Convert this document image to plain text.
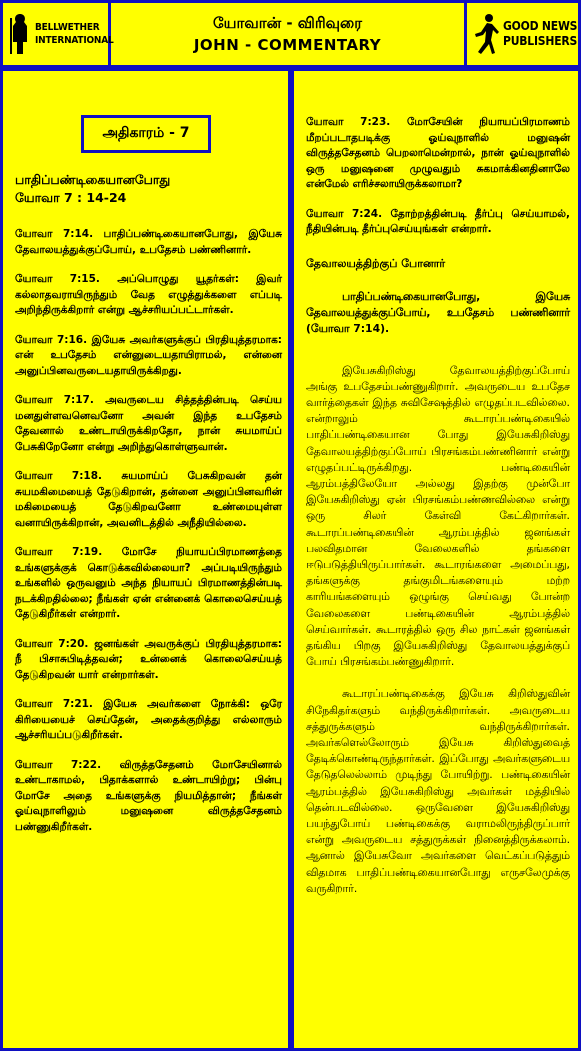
BELLWETHER
INTERNATIONAL
யோவான் - விரிவுரை
JOHN - COMMENTARY
GOOD NEWS
PUBLISHERS
அதிகாரம் - 7
பாதிப்பண்டிகையானபோது
யோவா 7 : 14-24
யோவா 7:14. பாதிப்பண்டிகையானபோது, இயேசு தேவாலயத்துக்குப்போய், உபதேசம் பண்ணினார்.
யோவா 7:15. அப்பொழுது யூதர்கள்: இவர் கல்லாதவராயிருந்தும் வேத எழுத்துக்களை எப்படி அறிந்திருக்கிறார் என்று ஆச்சரியப்பட்டார்கள்.
யோவா 7:16. இயேசு அவர்களுக்குப் பிரதியுத்தரமாக: என் உபதேசம் என்னுடையதாயிராமல், என்னை அனுப்பினவருடையதாயிருக்கிறது.
யோவா 7:17. அவருடைய சித்தத்தின்படி செய்ய மனதுள்ளவனெவனோ அவன் இந்த உபதேசம் தேவனால் உண்டாயிருக்கிறதோ, நான் சுயமாய்ப் பேசுகிறேனோ என்று அறிந்துகொள்ளுவான்.
யோவா 7:18. சுயமாய்ப் பேசுகிறவன் தன் சுயமகிமையைத் தேடுகிறான், தன்னை அனுப்பினவரின் மகிமையைத் தேடுகிறவனோ உண்மையுள்ள வனாயிருக்கிறான், அவனிடத்தில் அநீதியில்லை.
யோவா 7:19. மோசே நியாயப்பிரமாணத்தை உங்களுக்குக் கொடுக்கவில்லையா? அப்படியிருந்தும் உங்களில் ஒருவனும் அந்த நியாயப் பிரமாணத்தின்படி நடக்கிறதில்லை; நீங்கள் ஏன் என்னைக் கொலைசெய்யத் தேடுகிறீர்கள் என்றார்.
யோவா 7:20. ஜனங்கள் அவருக்குப் பிரதியுத்தரமாக: நீ பிசாசுபிடித்தவன்; உன்னைக் கொலைசெய்யத் தேடுகிறவன் யார் என்றார்கள்.
யோவா 7:21. இயேசு அவர்களை நோக்கி: ஒரே கிரியையைச் செய்தேன், அதைக்குறித்து எல்லாரும் ஆச்சரியப்படுகிறீர்கள்.
யோவா 7:22. விருத்தசேதனம் மோசேயினால் உண்டாகாமல், பிதாக்களால் உண்டாயிற்று; பின்பு மோசே அதை உங்களுக்கு நியமித்தான்; நீங்கள் ஓய்வுநாளிலும் மனுஷனை விருத்தசேதனம் பண்ணுகிறீர்கள்.
யோவா 7:23. மோசேயின் நியாயப்பிரமாணம் மீறப்படாதபடிக்கு ஓய்வுநாளில் மனுஷன் விருத்தசேதனம் பெறலாமென்றால், நான் ஓய்வுநாளில் ஒரு மனுஷனை முழுவதும் சுகமாக்கினதினாலே என்மேல் எரிச்சலாயிருக்கலாமா?
யோவா 7:24. தோற்றத்தின்படி தீர்ப்பு செய்யாமல், நீதியின்படி தீர்ப்புசெய்யுங்கள் என்றார்.
தேவாலயத்திற்குப் போனார்
பாதிப்பண்டிகையானபோது, இயேசு தேவாலயத்துக்குப்போய், உபதேசம் பண்ணினார் (யோவா 7:14).
இயேசுகிறிஸ்து தேவாலயத்திற்குப்போய் அங்கு உபதேசம்பண்ணுகிறார். அவருடைய உபதேச வார்த்தைகள் இந்த சுவிசேஷத்தில் எழுதப்படவில்லை. என்றாலும் கூடாரப்பண்டிகையில் பாதிப்பண்டிகையான போது இயேசுகிறிஸ்து தேவாலயத்திற்குப்போய் பிரசங்கம்பண்ணினார் என்று எழுதப்பட்டிருக்கிறது. பண்டிகையின் ஆரம்பத்திலேயோ அல்லது இதற்கு முன்போ இயேசுகிறிஸ்து ஏன் பிரசங்கம்பண்ணவில்லை என்று ஒரு சிலர் கேள்வி கேட்கிறார்கள். கூடாரப்பண்டிகையின் ஆரம்பத்தில் ஜனங்கள் பலவிதமான வேலைகளில் தங்களை ஈடுபடுத்தியிருப்பார்கள். கூடாரங்களை அமைப்பது, தங்களுக்கு தங்குமிடங்களையும் மற்ற காரியங்களையும் ஒழுங்கு செய்வது போன்ற வேலைகளை பண்டிகையின் ஆரம்பத்தில் செய்வார்கள். கூடாரத்தில் ஒரு சில நாட்கள் ஜனங்கள் தங்கிய பிறகு இயேசுகிறிஸ்து தேவாலயத்துக்குப் போய் பிரசங்கம்பண்ணுகிறார்.
கூடாரப்பண்டிகைக்கு இயேசு கிறிஸ்துவின் சிநேகிதர்களும் வந்திருக்கிறார்கள். அவருடைய சத்துருக்களும் வந்திருக்கிறார்கள். அவர்களெல்லோரும் இயேசு கிறிஸ்துவைத் தேடிக்கொண்டிருந்தார்கள். இப்போது அவர்களுடைய தேடுதலெல்லாம் முடிந்து போயிற்று. பண்டிகையின் ஆரம்பத்தில் இயேசுகிறிஸ்து அவர்கள் மத்தியில் தென்படவில்லை. ஒருவேளை இயேசுகிறிஸ்து பயந்துபோய் பண்டிகைக்கு வராமலிருந்திருப்பார் என்று அவருடைய சத்துருக்கள் நினைத்திருக்கலாம். ஆனால் இயேசுவோ அவர்களை வெட்கப்படுத்தும் விதமாக பாதிப்பண்டிகையானபோது எருசலேமுக்கு வருகிறார்.
